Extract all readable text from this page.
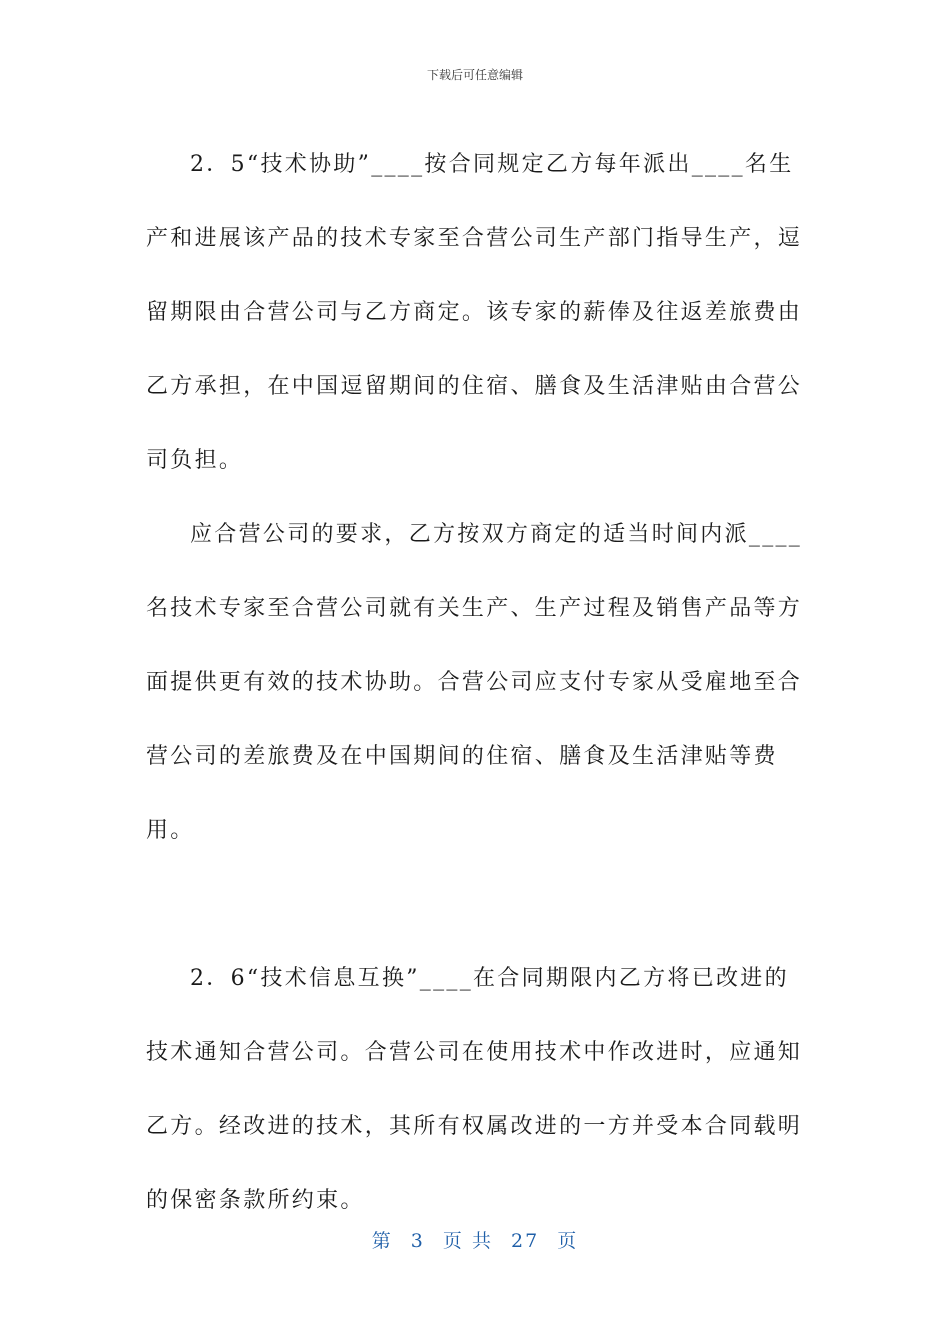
下载后可任意编辑

2．5“技术协助”____按合同规定乙方每年派出____名生产和进展该产品的技术专家至合营公司生产部门指导生产，逗留期限由合营公司与乙方商定。该专家的薪俸及往返差旅费由乙方承担，在中国逗留期间的住宿、膳食及生活津贴由合营公司负担。

应合营公司的要求，乙方按双方商定的适当时间内派____名技术专家至合营公司就有关生产、生产过程及销售产品等方面提供更有效的技术协助。合营公司应支付专家从受雇地至合营公司的差旅费及在中国期间的住宿、膳食及生活津贴等费用。

2．6“技术信息互换”____在合同期限内乙方将已改进的技术通知合营公司。合营公司在使用技术中作改进时，应通知乙方。经改进的技术，其所有权属改进的一方并受本合同载明的保密条款所约束。

第 3 页 共 27 页
